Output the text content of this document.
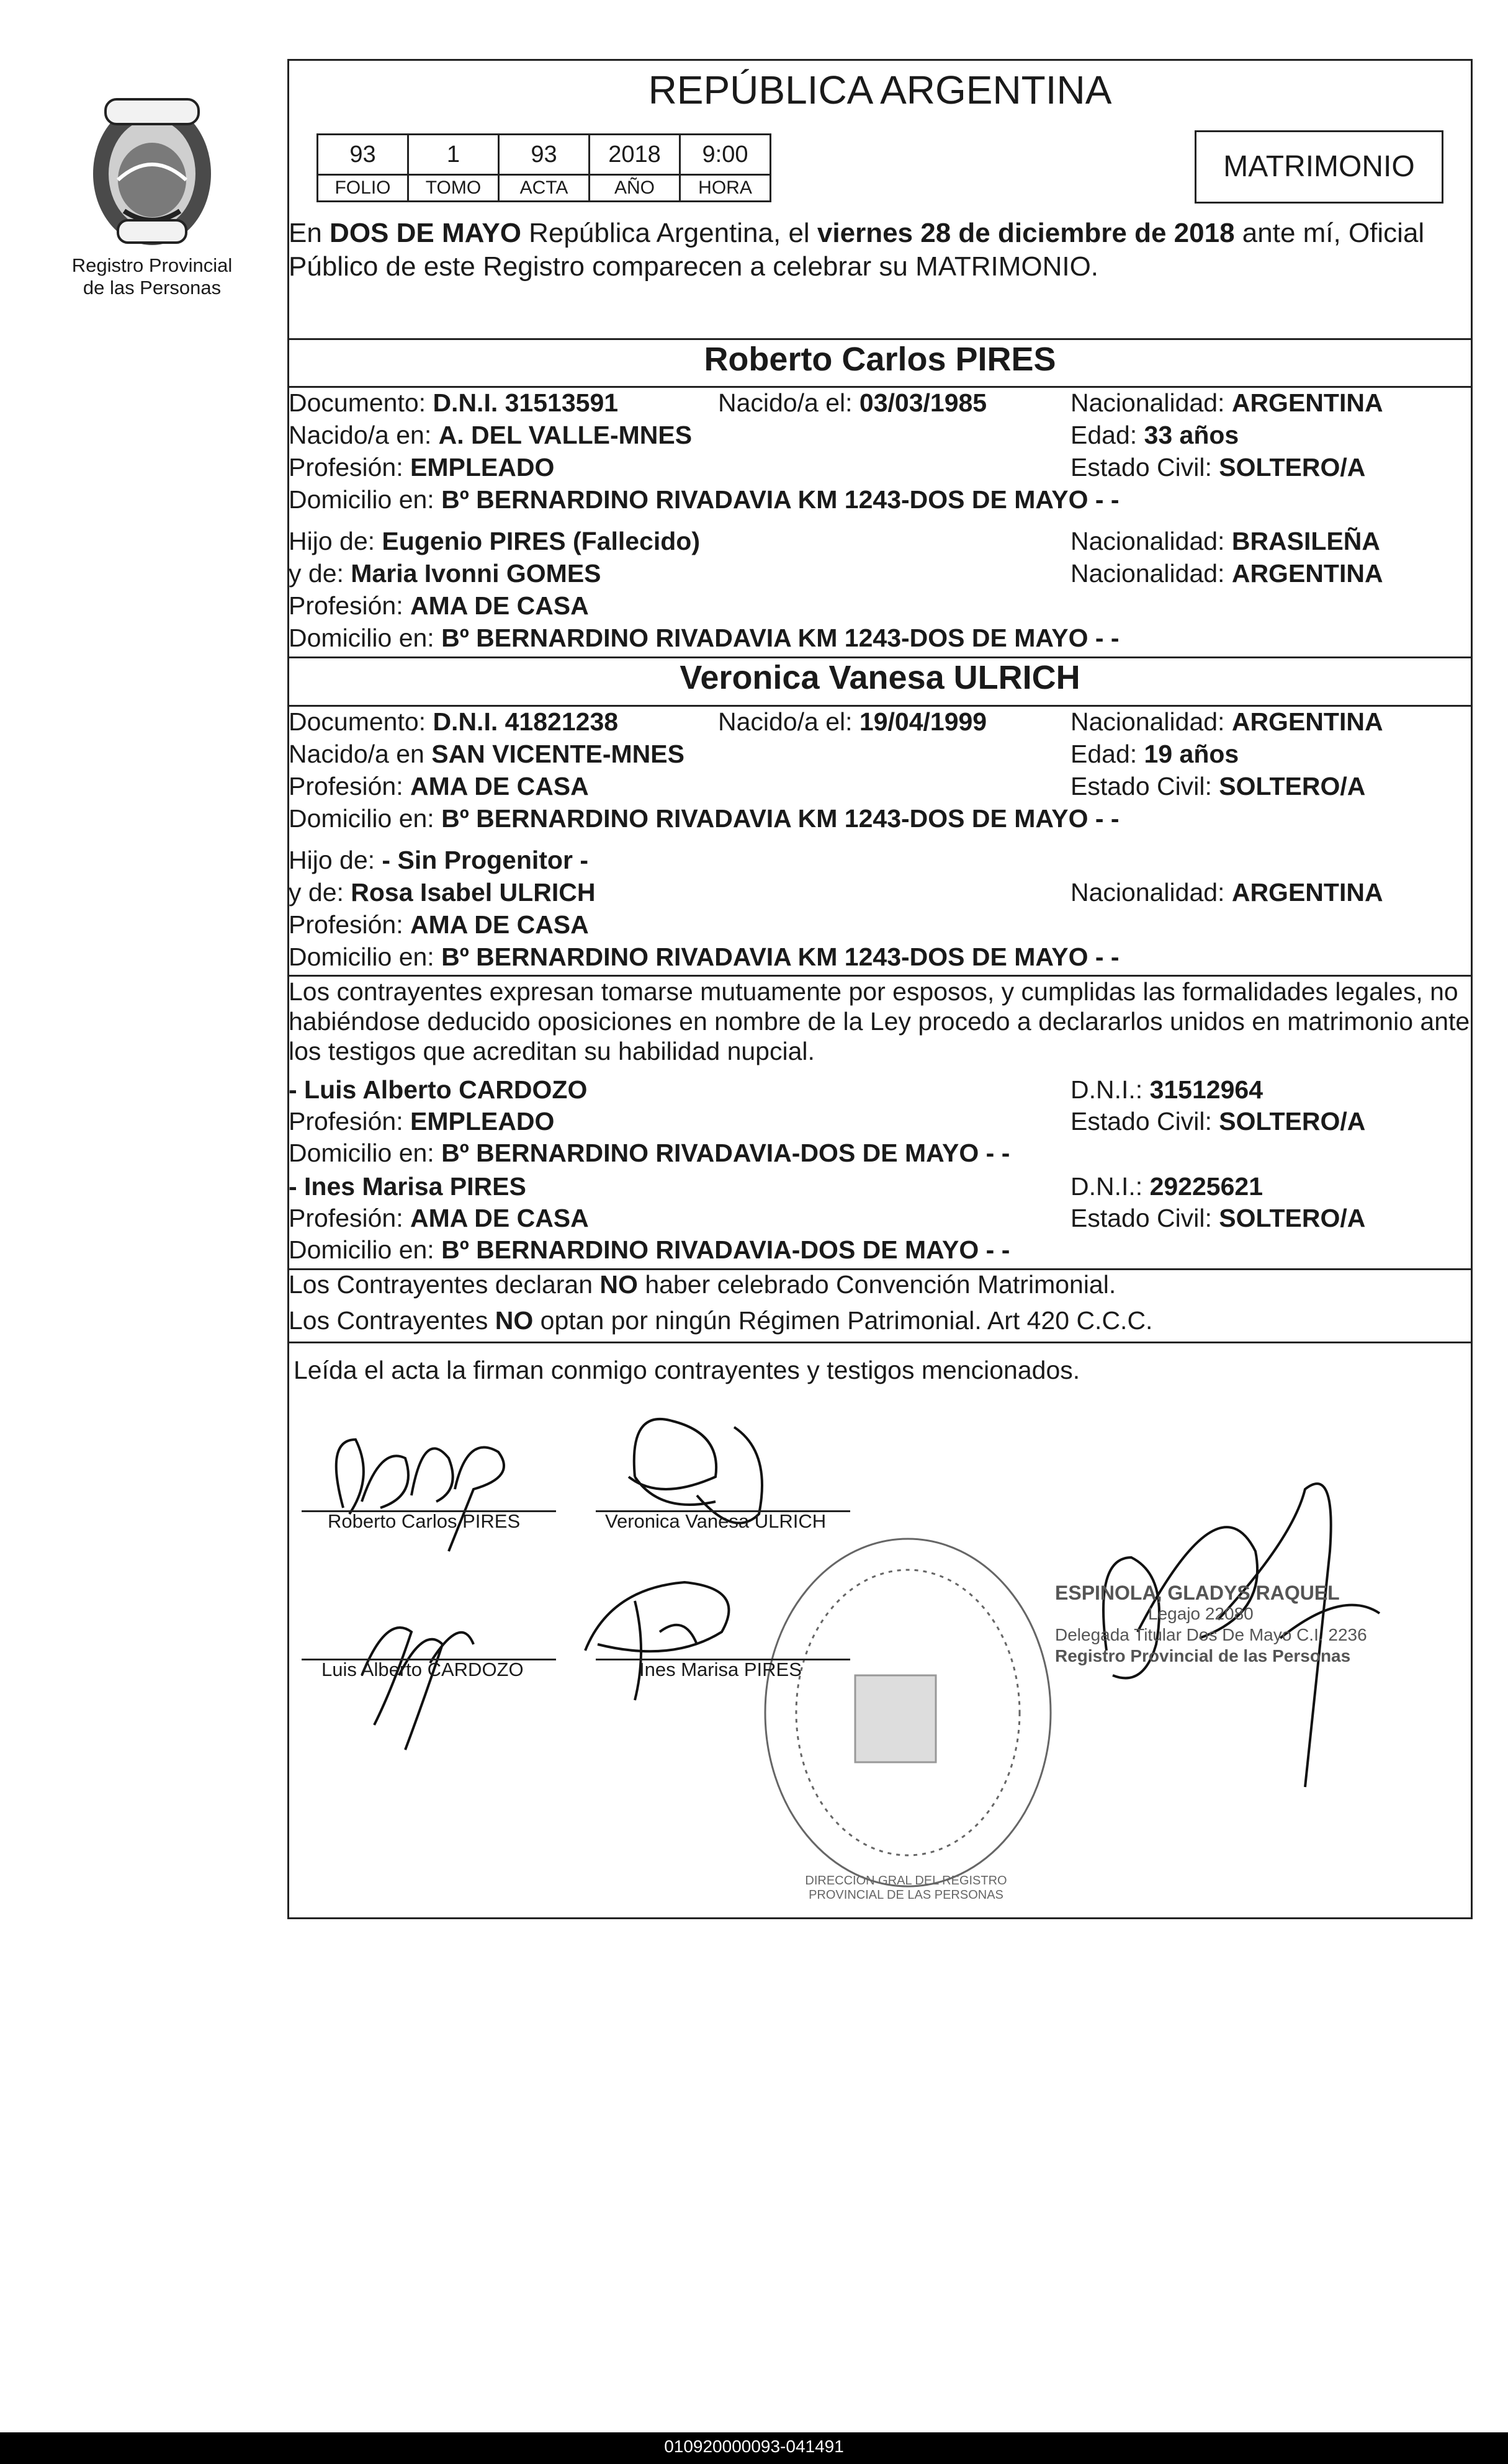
Registro Provincial
de las Personas
REPÚBLICA ARGENTINA
93	1	93	2018	9:00
FOLIO	TOMO	ACTA	AÑO	HORA
MATRIMONIO
En DOS DE MAYO República Argentina, el viernes 28 de diciembre de 2018 ante mí, Oficial
Público de este Registro comparecen a celebrar su MATRIMONIO.
Roberto Carlos PIRES
Documento: D.N.I. 31513591	Nacido/a el: 03/03/1985	Nacionalidad: ARGENTINA
Nacido/a en: A. DEL VALLE-MNES	Edad: 33 años
Profesión: EMPLEADO	Estado Civil: SOLTERO/A
Domicilio en: Bº BERNARDINO RIVADAVIA KM 1243-DOS DE MAYO - -
Hijo de: Eugenio PIRES (Fallecido)	Nacionalidad: BRASILEÑA
y de: Maria Ivonni GOMES	Nacionalidad: ARGENTINA
Profesión: AMA DE CASA
Domicilio en: Bº BERNARDINO RIVADAVIA KM 1243-DOS DE MAYO - -
Veronica Vanesa ULRICH
Documento: D.N.I. 41821238	Nacido/a el: 19/04/1999	Nacionalidad: ARGENTINA
Nacido/a en SAN VICENTE-MNES	Edad: 19 años
Profesión: AMA DE CASA	Estado Civil: SOLTERO/A
Domicilio en: Bº BERNARDINO RIVADAVIA KM 1243-DOS DE MAYO - -
Hijo de: - Sin Progenitor -
y de: Rosa Isabel ULRICH	Nacionalidad: ARGENTINA
Profesión: AMA DE CASA
Domicilio en: Bº BERNARDINO RIVADAVIA KM 1243-DOS DE MAYO - -
Los contrayentes expresan tomarse mutuamente por esposos, y cumplidas las formalidades legales, no
habiéndose deducido oposiciones en nombre de la Ley procedo a declararlos unidos en matrimonio ante
los testigos que acreditan su habilidad nupcial.
- Luis Alberto CARDOZO	D.N.I.: 31512964
Profesión: EMPLEADO	Estado Civil: SOLTERO/A
Domicilio en: Bº BERNARDINO RIVADAVIA-DOS DE MAYO - -
- Ines Marisa PIRES	D.N.I.: 29225621
Profesión: AMA DE CASA	Estado Civil: SOLTERO/A
Domicilio en: Bº BERNARDINO RIVADAVIA-DOS DE MAYO - -
Los Contrayentes declaran NO haber celebrado Convención Matrimonial.
Los Contrayentes NO optan por ningún Régimen Patrimonial. Art 420 C.C.C.
Leída el acta la firman conmigo contrayentes y testigos mencionados.
Roberto Carlos PIRES	Veronica Vanesa ULRICH
Luis Alberto CARDOZO	Ines Marisa PIRES
ESPINOLA, GLADYS RAQUEL
Legajo 22080
Delegada Titular Dos De Mayo C.I. 2236
Registro Provincial de las Personas
DIRECCION GRAL DEL REGISTRO PROVINCIAL DE LAS PERSONAS
010920000093-041491
